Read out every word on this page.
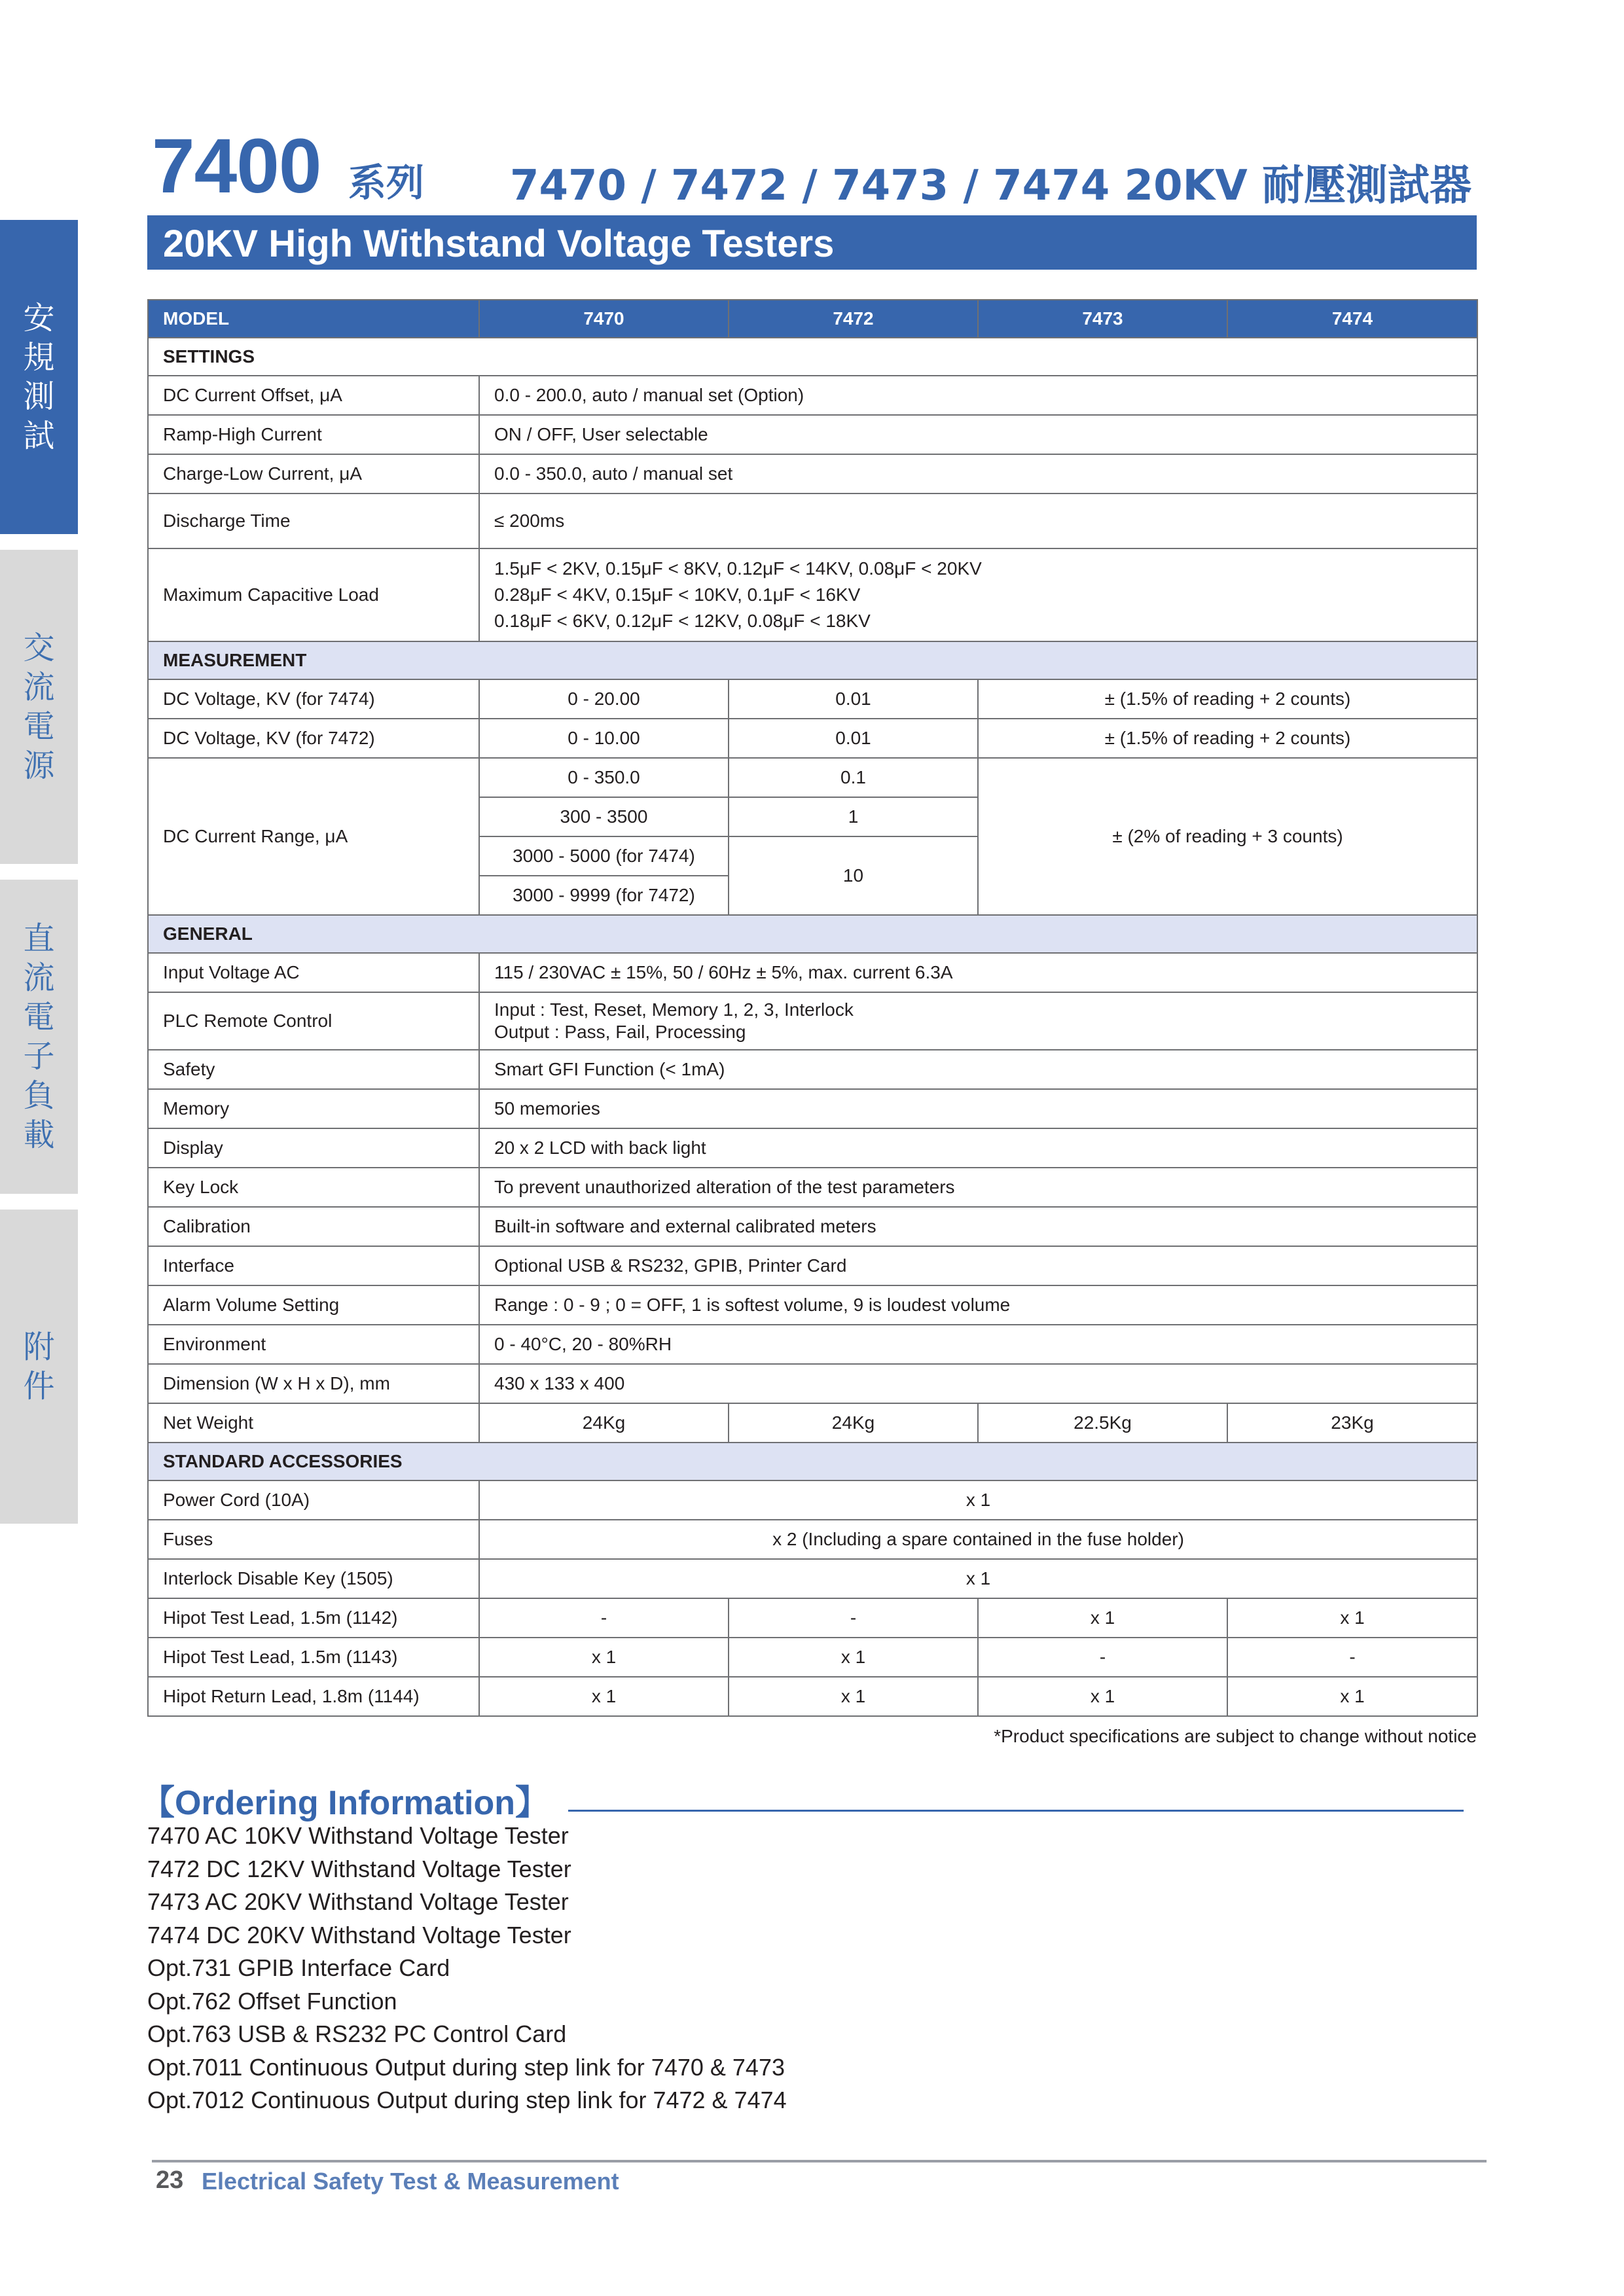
安
規
測
試
交
流
電
源
直
流
電
子
負
載
附
件
7400 系列 7470 / 7472 / 7473 / 7474 20KV 耐壓測試器
20KV High Withstand Voltage Testers
MODEL	7470	7472	7473	7474
SETTINGS				
DC Current Offset, μA	0.0 - 200.0, auto / manual set (Option)			
Ramp-High Current	ON / OFF, User selectable			
Charge-Low Current, μA	0.0 - 350.0, auto / manual set			
Discharge Time	≤ 200ms			
Maximum Capacitive Load	1.5μF < 2KV, 0.15μF < 8KV, 0.12μF < 14KV, 0.08μF < 20KV
0.28μF < 4KV, 0.15μF < 10KV, 0.1μF < 16KV
0.18μF < 6KV, 0.12μF < 12KV, 0.08μF < 18KV			

MEASUREMENT				
DC Voltage, KV (for 7474)	0 - 20.00	0.01	± (1.5% of reading + 2 counts)	
DC Voltage, KV (for 7472)	0 - 10.00	0.01	± (1.5% of reading + 2 counts)	
DC Current Range, μA	0 - 350.0	0.1	± (2% of reading + 3 counts)	
	300 - 3500	1		
	3000 - 5000 (for 7474)	10		
	3000 - 9999 (for 7472)			
GENERAL				
Input Voltage AC	115 / 230VAC ± 15%, 50 / 60Hz ± 5%, max. current 6.3A			
PLC Remote Control	Input : Test, Reset, Memory 1, 2, 3, Interlock
Output : Pass, Fail, Processing			

Safety	Smart GFI Function (< 1mA)			
Memory	50 memories			
Display	20 x 2 LCD with back light			
Key Lock	To prevent unauthorized alteration of the test parameters			
Calibration	Built-in software and external calibrated meters			
Interface	Optional USB & RS232, GPIB, Printer Card			
Alarm Volume Setting	Range : 0 - 9 ; 0 = OFF, 1 is softest volume, 9 is loudest volume			
Environment	0 - 40°C, 20 - 80%RH			
Dimension (W x H x D), mm	430 x 133 x 400			
Net Weight	24Kg	24Kg	22.5Kg	23Kg
STANDARD ACCESSORIES				
Power Cord (10A)	x 1			
Fuses	x 2 (Including a spare contained in the fuse holder)			
Interlock Disable Key (1505)	x 1			
Hipot Test Lead, 1.5m (1142)	-	-	x 1	x 1
Hipot Test Lead, 1.5m (1143)	x 1	x 1	-	-
Hipot Return Lead, 1.8m (1144)	x 1	x 1	x 1	x 1
*Product specifications are subject to change without notice
【Ordering Information】
7470 AC 10KV Withstand Voltage Tester
7472 DC 12KV Withstand Voltage Tester
7473 AC 20KV Withstand Voltage Tester
7474 DC 20KV Withstand Voltage Tester
Opt.731 GPIB Interface Card
Opt.762 Offset Function
Opt.763 USB & RS232 PC Control Card
Opt.7011 Continuous Output during step link for 7470 & 7473
Opt.7012 Continuous Output during step link for 7472 & 7474
23 Electrical Safety Test & Measurement
